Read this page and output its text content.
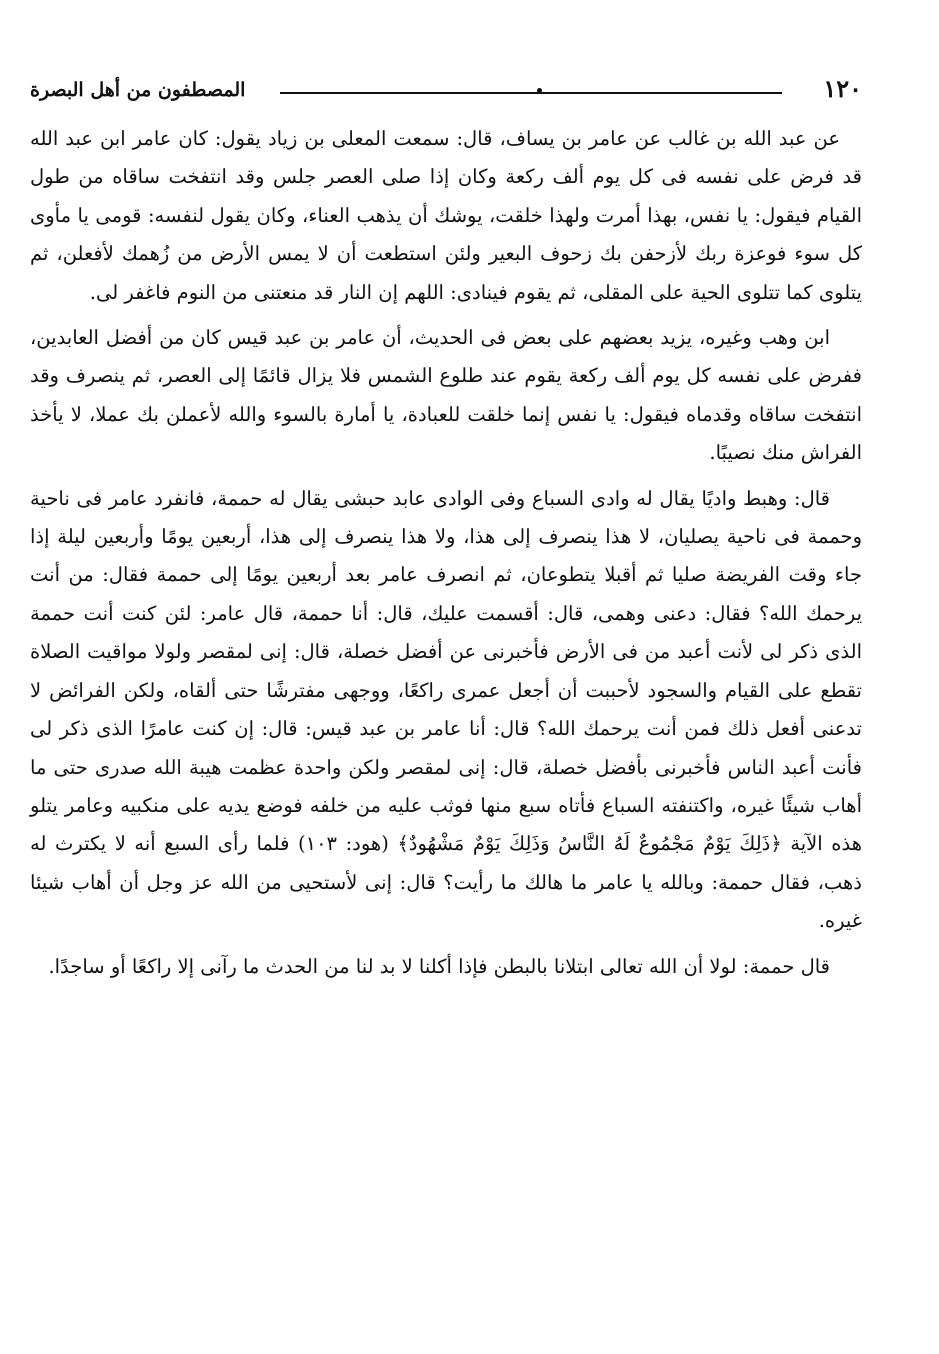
المصطفون من أهل البصرة	١٢٠

عن عبد الله بن غالب عن عامر بن يساف، قال: سمعت المعلى بن زياد يقول: كان عامر ابن عبد الله قد فرض على نفسه فى كل يوم ألف ركعة وكان إذا صلى العصر جلس وقد انتفخت ساقاه من طول القيام فيقول: يا نفس، بهذا أمرت ولهذا خلقت، يوشك أن يذهب العناء، وكان يقول لنفسه: قومى يا مأوى كل سوء فوعزة ربك لأزحفن بك زحوف البعير ولئن استطعت أن لا يمس الأرض من زُهمك لأفعلن، ثم يتلوى كما تتلوى الحية على المقلى، ثم يقوم فينادى: اللهم إن النار قد منعتنى من النوم فاغفر لى.

ابن وهب وغيره، يزيد بعضهم على بعض فى الحديث، أن عامر بن عبد قيس كان من أفضل العابدين، ففرض على نفسه كل يوم ألف ركعة يقوم عند طلوع الشمس فلا يزال قائمًا إلى العصر، ثم ينصرف وقد انتفخت ساقاه وقدماه فيقول: يا نفس إنما خلقت للعبادة، يا أمارة بالسوء والله لأعملن بك عملا، لا يأخذ الفراش منك نصيبًا.

قال: وهبط واديًا يقال له وادى السباع وفى الوادى عابد حبشى يقال له حممة، فانفرد عامر فى ناحية وحممة فى ناحية يصليان، لا هذا ينصرف إلى هذا، ولا هذا ينصرف إلى هذا، أربعين يومًا وأربعين ليلة إذا جاء وقت الفريضة صليا ثم أقبلا يتطوعان، ثم انصرف عامر بعد أربعين يومًا إلى حممة فقال: من أنت يرحمك الله؟ فقال: دعنى وهمى، قال: أقسمت عليك، قال: أنا حممة، قال عامر: لئن كنت أنت حممة الذى ذكر لى لأنت أعبد من فى الأرض فأخبرنى عن أفضل خصلة، قال: إنى لمقصر ولولا مواقيت الصلاة تقطع على القيام والسجود لأحببت أن أجعل عمرى راكعًا، ووجهى مفترشًا حتى ألقاه، ولكن الفرائض لا تدعنى أفعل ذلك فمن أنت يرحمك الله؟ قال: أنا عامر بن عبد قيس: قال: إن كنت عامرًا الذى ذكر لى فأنت أعبد الناس فأخبرنى بأفضل خصلة، قال: إنى لمقصر ولكن واحدة عظمت هيبة الله صدرى حتى ما أهاب شيئًا غيره، واكتنفته السباع فأتاه سبع منها فوثب عليه من خلفه فوضع يديه على منكبيه وعامر يتلو هذه الآية ﴿ذَلِكَ يَوْمٌ مَجْمُوعٌ لَهُ النَّاسُ وَذَلِكَ يَوْمٌ مَشْهُودٌ﴾ (هود: ١٠٣) فلما رأى السبع أنه لا يكترث له ذهب، فقال حممة: وبالله يا عامر ما هالك ما رأيت؟ قال: إنى لأستحيى من الله عز وجل أن أهاب شيئا غيره.

قال حممة: لولا أن الله تعالى ابتلانا بالبطن فإذا أكلنا لا بد لنا من الحدث ما رآنى إلا راكعًا أو ساجدًا.
